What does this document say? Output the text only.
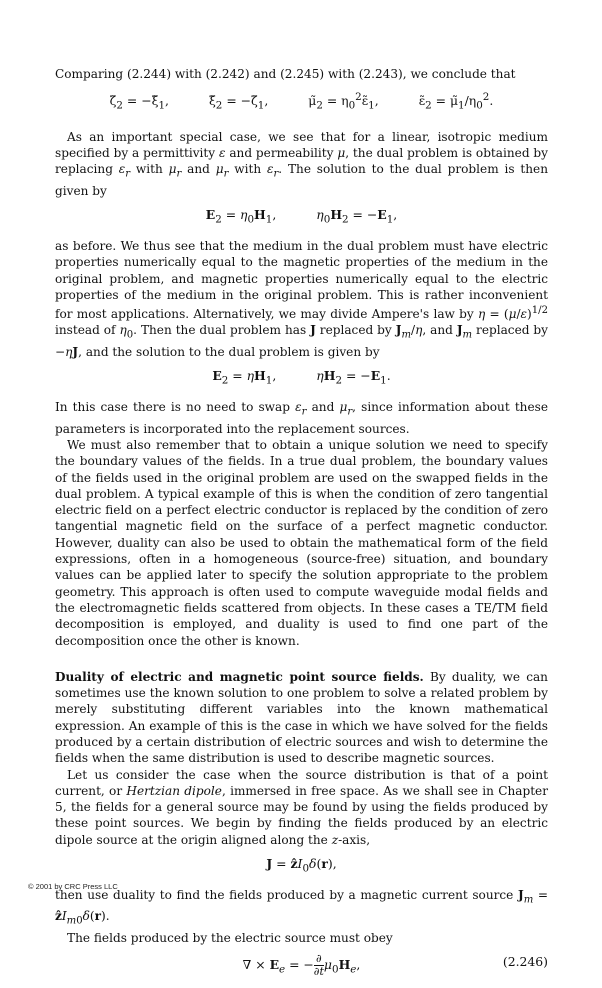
Comparing (2.244) with (2.242) and (2.245) with (2.243), we conclude that

$\zetã_2$ = $-\xĩ_1$,	$\xĩ_2$ = $-\zetã_1$,	$\mũ_2$ = $\eta_0^2\varepsiloñ_1$,	$\varepsiloñ_2$ = $\mũ_1/\eta_0^2$.

As an important special case, we see that for a linear, isotropic medium specified by a permittivity ε and permeability μ, the dual problem is obtained by replacing $\varepsilon_r$ with $\mu_r$ and $\mu_r$ with $\varepsilon_r$. The solution to the dual problem is then given by

$E_2 = \eta_0H_1$,	$\eta_0H_2 = -E_1$,

as before. We thus see that the medium in the dual problem must have electric properties numerically equal to the magnetic properties of the medium in the original problem, and magnetic properties numerically equal to the electric properties of the medium in the original problem. This is rather inconvenient for most applications. Alternatively, we may divide Ampere's law by $\eta = (\mu/\varepsilon)^{1/2}$ instead of $\eta_0$. Then the dual problem has J replaced by $J_m/\eta$, and $J_m$ replaced by −ηJ, and the solution to the dual problem is given by

$E_2 = \eta H_1$,	$\eta H_2 = -E_1$.

In this case there is no need to swap $\varepsilon_r$ and $\mu_r$, since information about these parameters is incorporated into the replacement sources.

We must also remember that to obtain a unique solution we need to specify the boundary values of the fields. In a true dual problem, the boundary values of the fields used in the original problem are used on the swapped fields in the dual problem. A typical example of this is when the condition of zero tangential electric field on a perfect electric conductor is replaced by the condition of zero tangential magnetic field on the surface of a perfect magnetic conductor. However, duality can also be used to obtain the mathematical form of the field expressions, often in a homogeneous (source-free) situation, and boundary values can be applied later to specify the solution appropriate to the problem geometry. This approach is often used to compute waveguide modal fields and the electromagnetic fields scattered from objects. In these cases a TE/TM field decomposition is employed, and duality is used to find one part of the decomposition once the other is known.

Duality of electric and magnetic point source fields. By duality, we can sometimes use the known solution to one problem to solve a related problem by merely substituting different variables into the known mathematical expression. An example of this is the case in which we have solved for the fields produced by a certain distribution of electric sources and wish to determine the fields when the same distribution is used to describe magnetic sources.

Let us consider the case when the source distribution is that of a point current, or Hertzian dipole, immersed in free space. As we shall see in Chapter 5, the fields for a general source may be found by using the fields produced by these point sources. We begin by finding the fields produced by an electric dipole source at the origin aligned along the z-axis,

J = ẑI$_0$δ(r),

then use duality to find the fields produced by a magnetic current source $J_m$ = ẑI$_{m0}$δ(r).

The fields produced by the electric source must obey

∇ × $E_e$ = − ∂
∂t $\mu_0H_e$,	(2.246)
© 2001 by CRC Press LLC
